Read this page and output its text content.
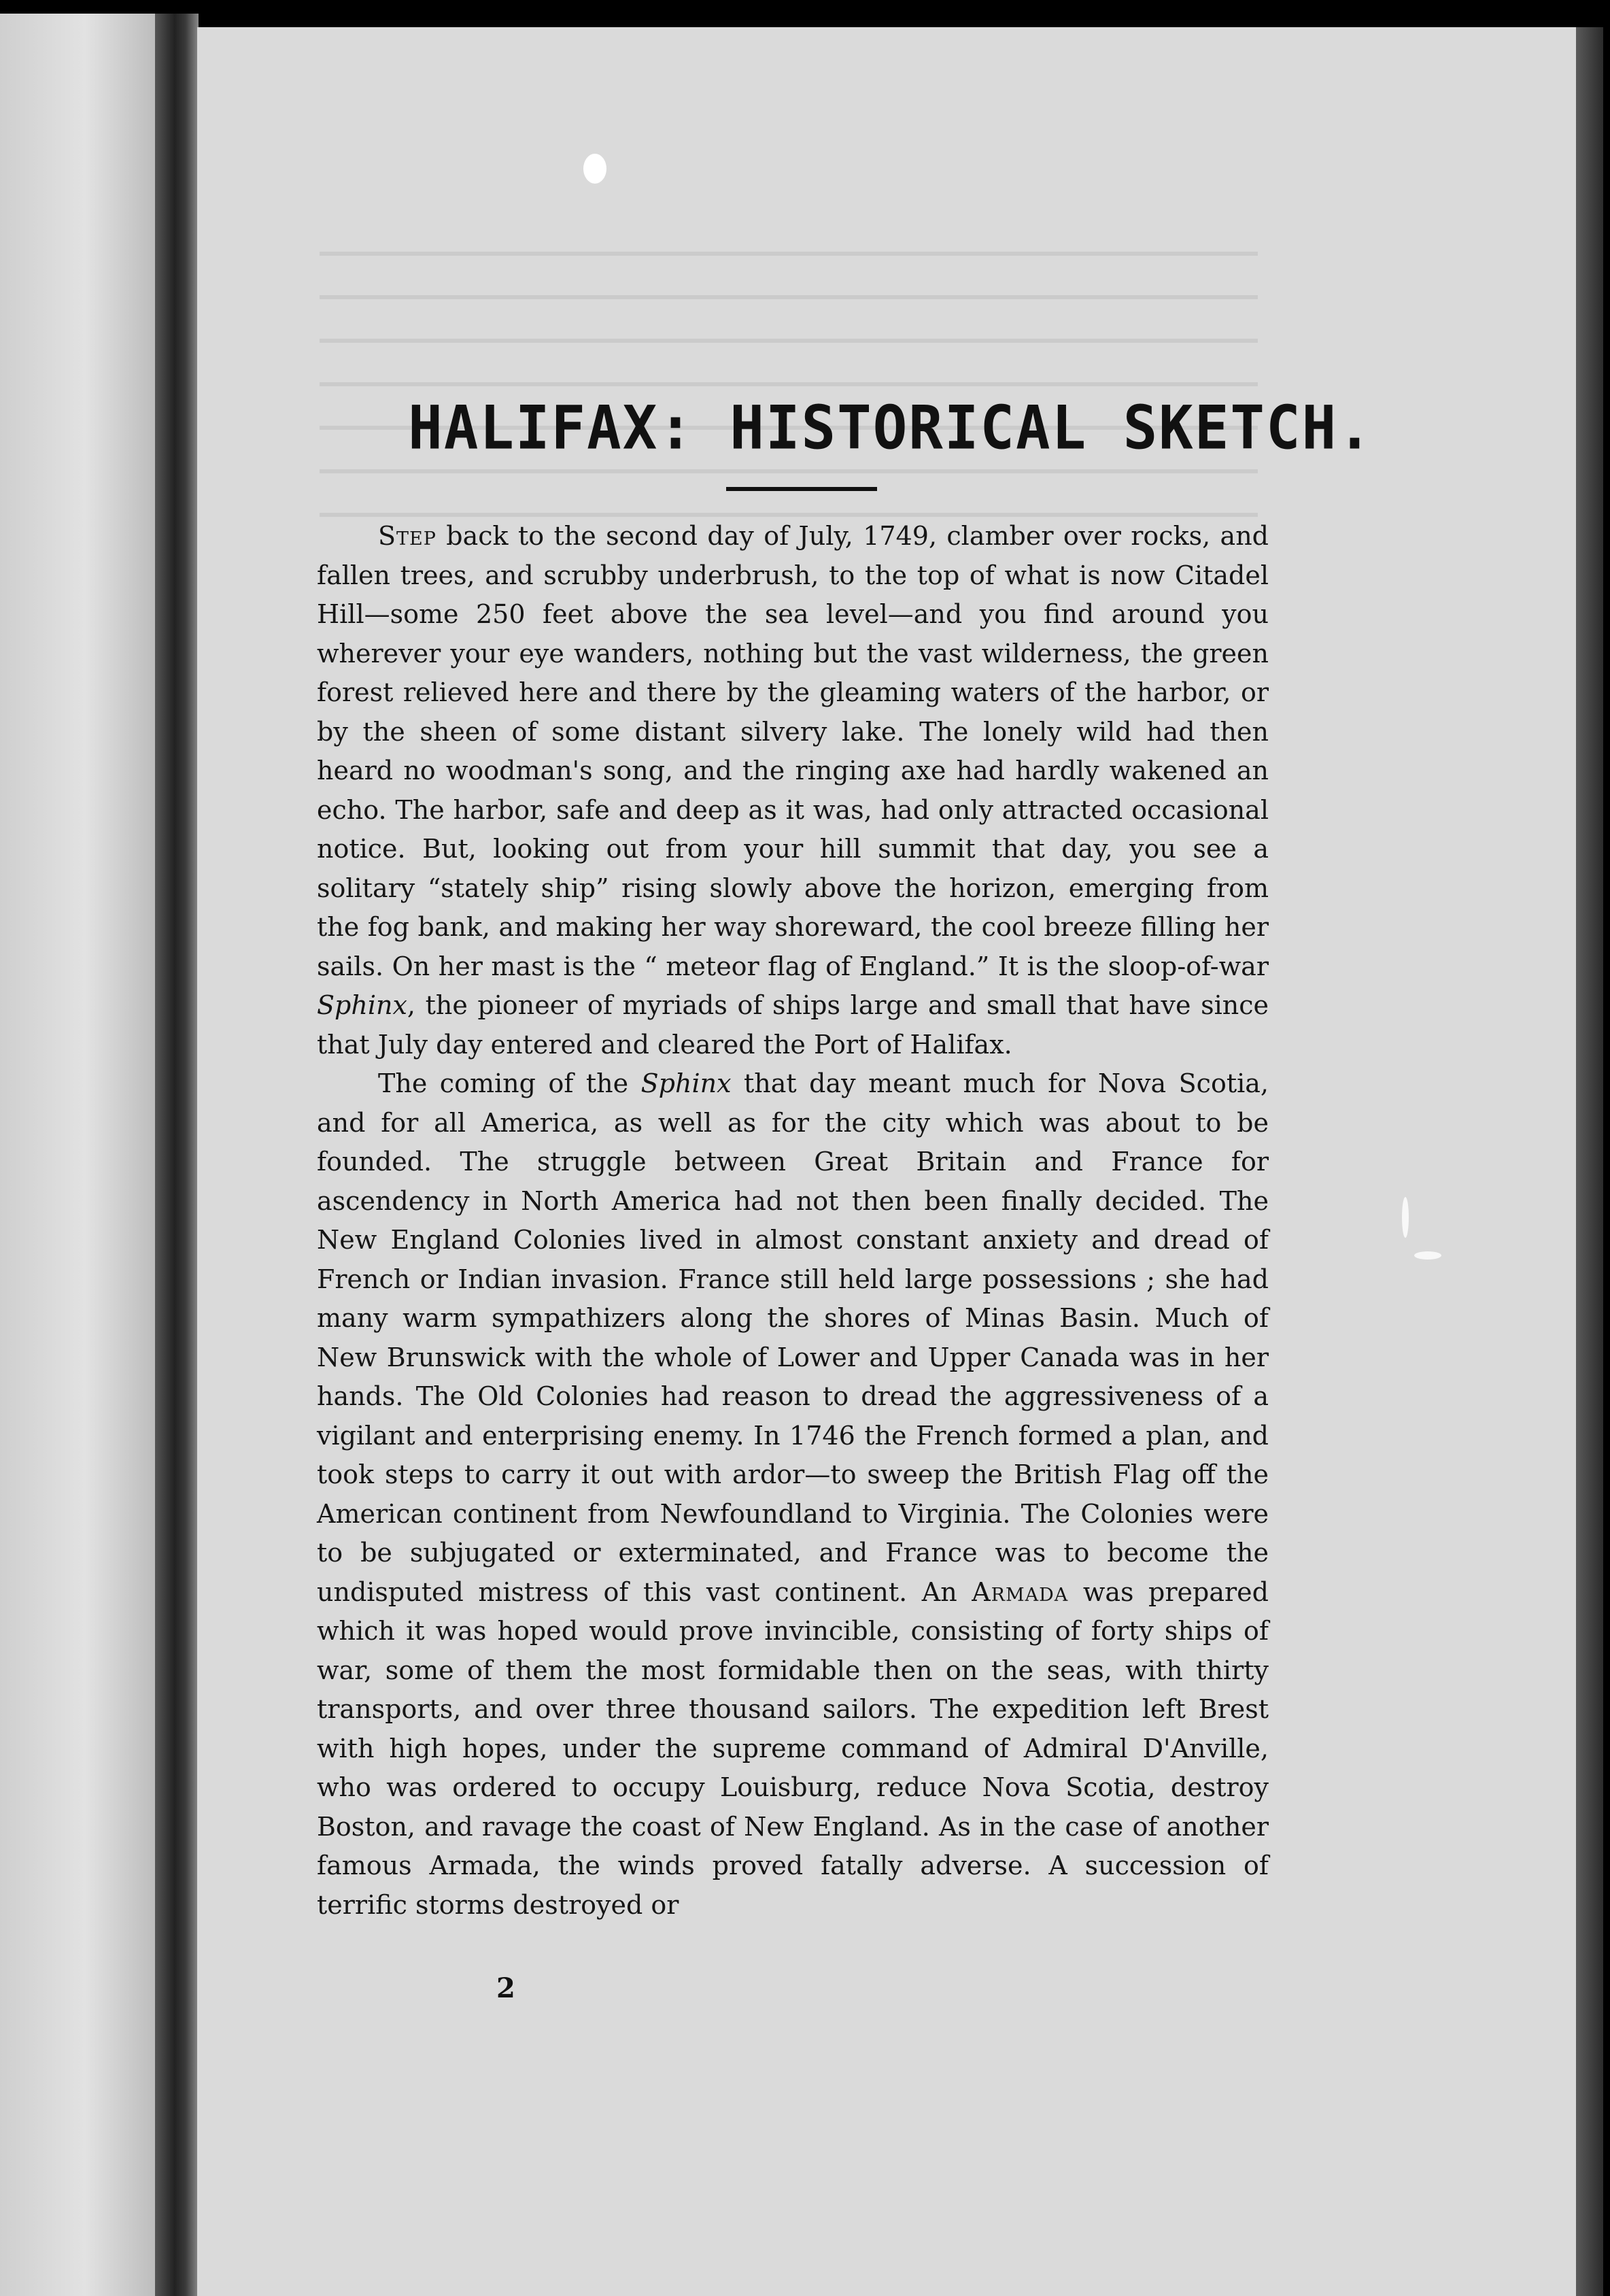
HALIFAX: HISTORICAL SKETCH.

Step back to the second day of July, 1749, clamber over rocks, and fallen trees, and scrubby underbrush, to the top of what is now Citadel Hill—some 250 feet above the sea level—and you find around you wherever your eye wanders, nothing but the vast wilderness, the green forest relieved here and there by the gleaming waters of the harbor, or by the sheen of some distant silvery lake. The lonely wild had then heard no woodman's song, and the ringing axe had hardly wakened an echo. The harbor, safe and deep as it was, had only attracted occasional notice. But, looking out from your hill summit that day, you see a solitary “stately ship” rising slowly above the horizon, emerging from the fog bank, and making her way shoreward, the cool breeze filling her sails. On her mast is the “ meteor flag of England.” It is the sloop-of-war Sphinx, the pioneer of myriads of ships large and small that have since that July day entered and cleared the Port of Halifax.

The coming of the Sphinx that day meant much for Nova Scotia, and for all America, as well as for the city which was about to be founded. The struggle between Great Britain and France for ascendency in North America had not then been finally decided. The New England Colonies lived in almost constant anxiety and dread of French or Indian invasion. France still held large possessions ; she had many warm sympathizers along the shores of Minas Basin. Much of New Brunswick with the whole of Lower and Upper Canada was in her hands. The Old Colonies had reason to dread the aggressiveness of a vigilant and enterprising enemy. In 1746 the French formed a plan, and took steps to carry it out with ardor—to sweep the British Flag off the American continent from Newfoundland to Virginia. The Colonies were to be subjugated or exterminated, and France was to become the undisputed mistress of this vast continent. An Armada was prepared which it was hoped would prove invincible, consisting of forty ships of war, some of them the most formidable then on the seas, with thirty transports, and over three thousand sailors. The expedition left Brest with high hopes, under the supreme command of Admiral D'Anville, who was ordered to occupy Louisburg, reduce Nova Scotia, destroy Boston, and ravage the coast of New England. As in the case of another famous Armada, the winds proved fatally adverse. A succession of terrific storms destroyed or

2
